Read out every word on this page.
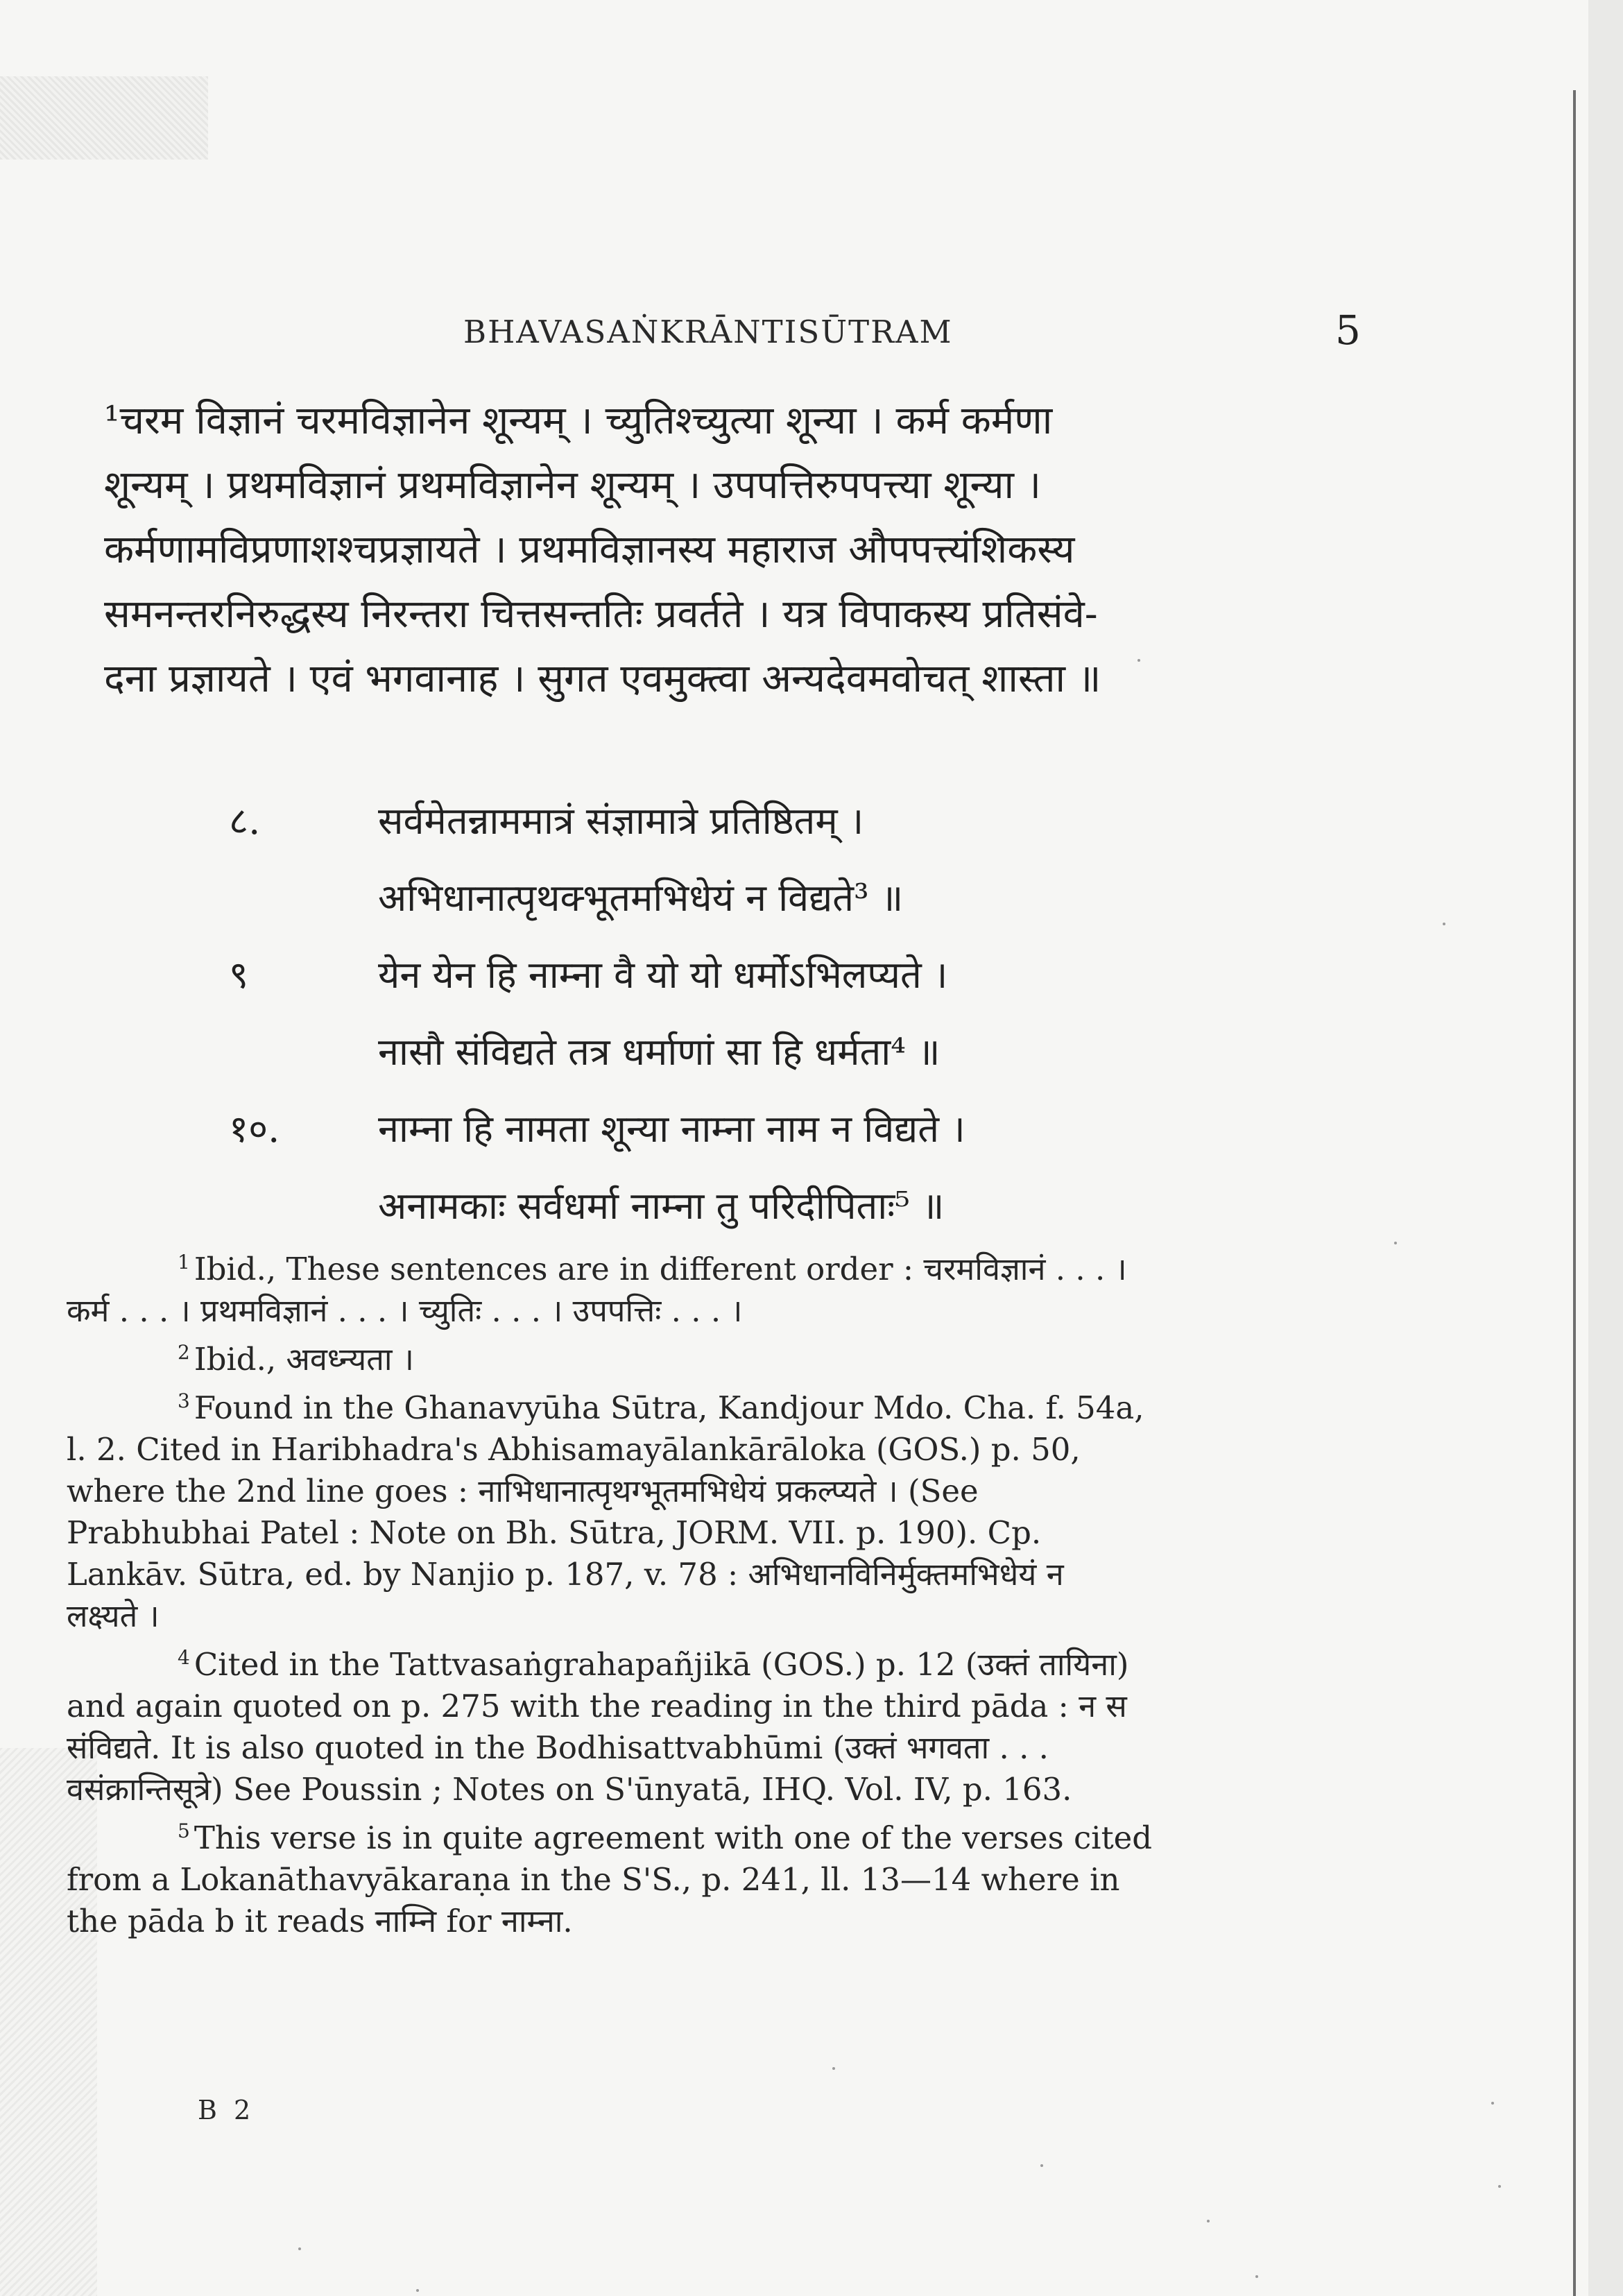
BHAVASAṄKRĀNTISŪTRAM	5
¹चरम विज्ञानं चरमविज्ञानेन शून्यम् । च्युतिश्च्युत्या शून्या । कर्म कर्मणा
शून्यम् । प्रथमविज्ञानं प्रथमविज्ञानेन शून्यम् । उपपत्तिरुपपत्त्या शून्या ।
कर्मणामविप्रणाशश्चप्रज्ञायते । प्रथमविज्ञानस्य महाराज औपपत्त्यंशिकस्य
समनन्तरनिरुद्धस्य निरन्तरा चित्तसन्ततिः प्रवर्तते । यत्र विपाकस्य प्रतिसंवे-
दना प्रज्ञायते । एवं भगवानाह । सुगत एवमुक्त्वा अन्यदेवमवोचत् शास्ता ॥
८.	सर्वमेतन्नाममात्रं संज्ञामात्रे प्रतिष्ठितम् ।
अभिधानात्पृथक्भूतमभिधेयं न विद्यते³ ॥
९	येन येन हि नाम्ना वै यो यो धर्मोऽभिलप्यते ।
नासौ संविद्यते तत्र धर्माणां सा हि धर्मता⁴ ॥
१०.	नाम्ना हि नामता शून्या नाम्ना नाम न विद्यते ।
अनामकाः सर्वधर्मा नाम्ना तु परिदीपिताः⁵ ॥
$^1$ Ibid., These sentences are in different order : चरमविज्ञानं . . . ।
कर्म . . . । प्रथमविज्ञानं . . . । च्युतिः . . . । उपपत्तिः . . . ।
$^2$ Ibid., अवध्न्यता ।
$^3$ Found in the Ghanavyūha Sūtra, Kandjour Mdo. Cha. f. 54a,
l. 2. Cited in Haribhadra's Abhisamayālankārāloka (GOS.) p. 50,
where the 2nd line goes : नाभिधानात्पृथग्भूतमभिधेयं प्रकल्प्यते । (See
Prabhubhai Patel : Note on Bh. Sūtra, JORM. VII. p. 190). Cp.
Lankāv. Sūtra, ed. by Nanjio p. 187, v. 78 : अभिधानविनिर्मुक्तमभिधेयं न
लक्ष्यते ।
$^4$ Cited in the Tattvasaṅgrahapañjikā (GOS.) p. 12 (उक्तं तायिना)
and again quoted on p. 275 with the reading in the third pāda : न स
संविद्यते. It is also quoted in the Bodhisattvabhūmi (उक्तं भगवता . . .
वसंक्रान्तिसूत्रे) See Poussin ; Notes on S'ūnyatā, IHQ. Vol. IV, p. 163.
$^5$ This verse is in quite agreement with one of the verses cited
from a Lokanāthavyākaraṇa in the S'S., p. 241, ll. 13—14 where in
the pāda b it reads नाम्नि for नाम्ना.
B 2
